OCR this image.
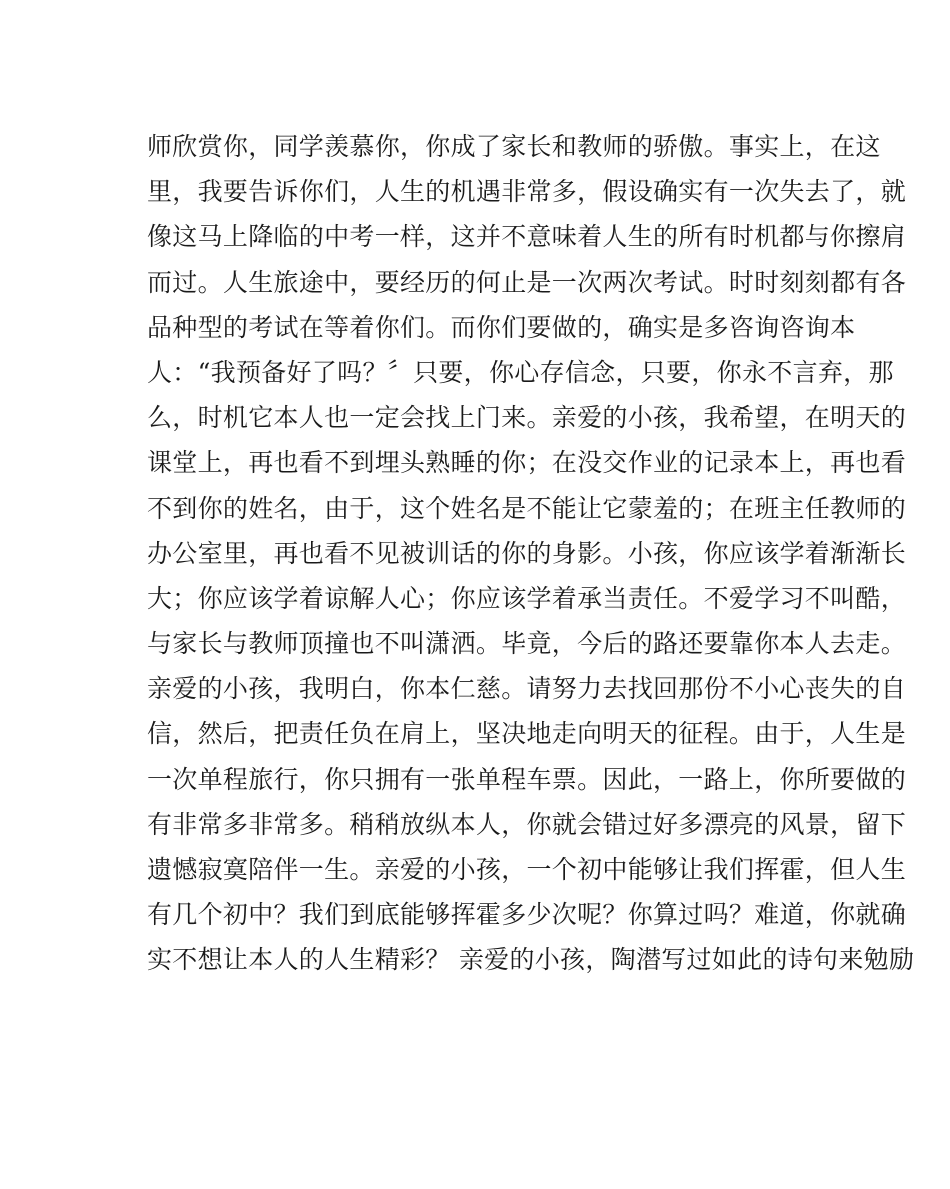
师欣赏你，同学羡慕你，你成了家长和教师的骄傲。事实上，在这
里，我要告诉你们，人生的机遇非常多，假设确实有一次失去了，就
像这马上降临的中考一样，这并不意味着人生的所有时机都与你擦肩
而过。人生旅途中，要经历的何止是一次两次考试。时时刻刻都有各
品种型的考试在等着你们。而你们要做的，确实是多咨询咨询本
人：“我预备好了吗？〞只要，你心存信念，只要，你永不言弃，那
么，时机它本人也一定会找上门来。亲爱的小孩，我希望，在明天的
课堂上，再也看不到埋头熟睡的你；在没交作业的记录本上，再也看
不到你的姓名，由于，这个姓名是不能让它蒙羞的；在班主任教师的
办公室里，再也看不见被训话的你的身影。小孩，你应该学着渐渐长
大；你应该学着谅解人心；你应该学着承当责任。不爱学习不叫酷，
与家长与教师顶撞也不叫潇洒。毕竟，今后的路还要靠你本人去走。
亲爱的小孩，我明白，你本仁慈。请努力去找回那份不小心丧失的自
信，然后，把责任负在肩上，坚决地走向明天的征程。由于，人生是
一次单程旅行，你只拥有一张单程车票。因此，一路上，你所要做的
有非常多非常多。稍稍放纵本人，你就会错过好多漂亮的风景，留下
遗憾寂寞陪伴一生。亲爱的小孩，一个初中能够让我们挥霍，但人生
有几个初中？我们到底能够挥霍多少次呢？你算过吗？难道，你就确
实不想让本人的人生精彩？ 亲爱的小孩，陶潜写过如此的诗句来勉励
